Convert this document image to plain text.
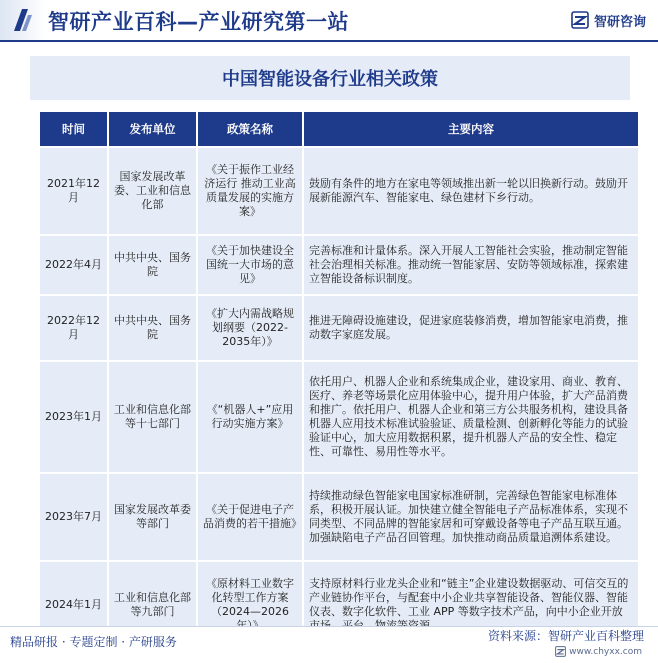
智研产业百科—产业研究第一站	智研咨询
中国智能设备行业相关政策
时间	发布单位	政策名称	主要内容
2021年12月	国家发展改革委、工业和信息化部	《关于振作工业经济运行 推动工业高质量发展的实施方案》	鼓励有条件的地方在家电等领域推出新一轮以旧换新行动。鼓励开展新能源汽车、智能家电、绿色建材下乡行动。
2022年4月	中共中央、国务院	《关于加快建设全国统一大市场的意见》	完善标准和计量体系。深入开展人工智能社会实验，推动制定智能社会治理相关标准。推动统一智能家居、安防等领域标准，探索建立智能设备标识制度。
2022年12月	中共中央、国务院	《扩大内需战略规划纲要（2022-2035年）》	推进无障碍设施建设，促进家庭装修消费，增加智能家电消费，推动数字家庭发展。
2023年1月	工业和信息化部等十七部门	《“机器人+”应用行动实施方案》	依托用户、机器人企业和系统集成企业，建设家用、商业、教育、医疗、养老等场景化应用体验中心，提升用户体验，扩大产品消费和推广。依托用户、机器人企业和第三方公共服务机构，建设具备机器人应用技术标准试验验证、质量检测、创新孵化等能力的试验验证中心，加大应用数据积累，提升机器人产品的安全性、稳定性、可靠性、易用性等水平。
2023年7月	国家发展改革委等部门	《关于促进电子产品消费的若干措施》	持续推动绿色智能家电国家标准研制，完善绿色智能家电标准体系，积极开展认证。加快建立健全智能电子产品标准体系，实现不同类型、不同品牌的智能家居和可穿戴设备等电子产品互联互通。加强缺陷电子产品召回管理。加快推动商品质量追溯体系建设。
2024年1月	工业和信息化部等九部门	《原材料工业数字化转型工作方案（2024—2026	支持原材料行业龙头企业和“链主”企业建设数据驱动、可信交互的产业链协作平台，与配套中小企业共享智能设备、智能仪器、智能仪表、数字化软件、工业 APP 等数字技术产品，向中小企业开放
精品研报 · 专题定制 · 产研服务	资料来源：智研产业百科整理
www.chyxx.com
